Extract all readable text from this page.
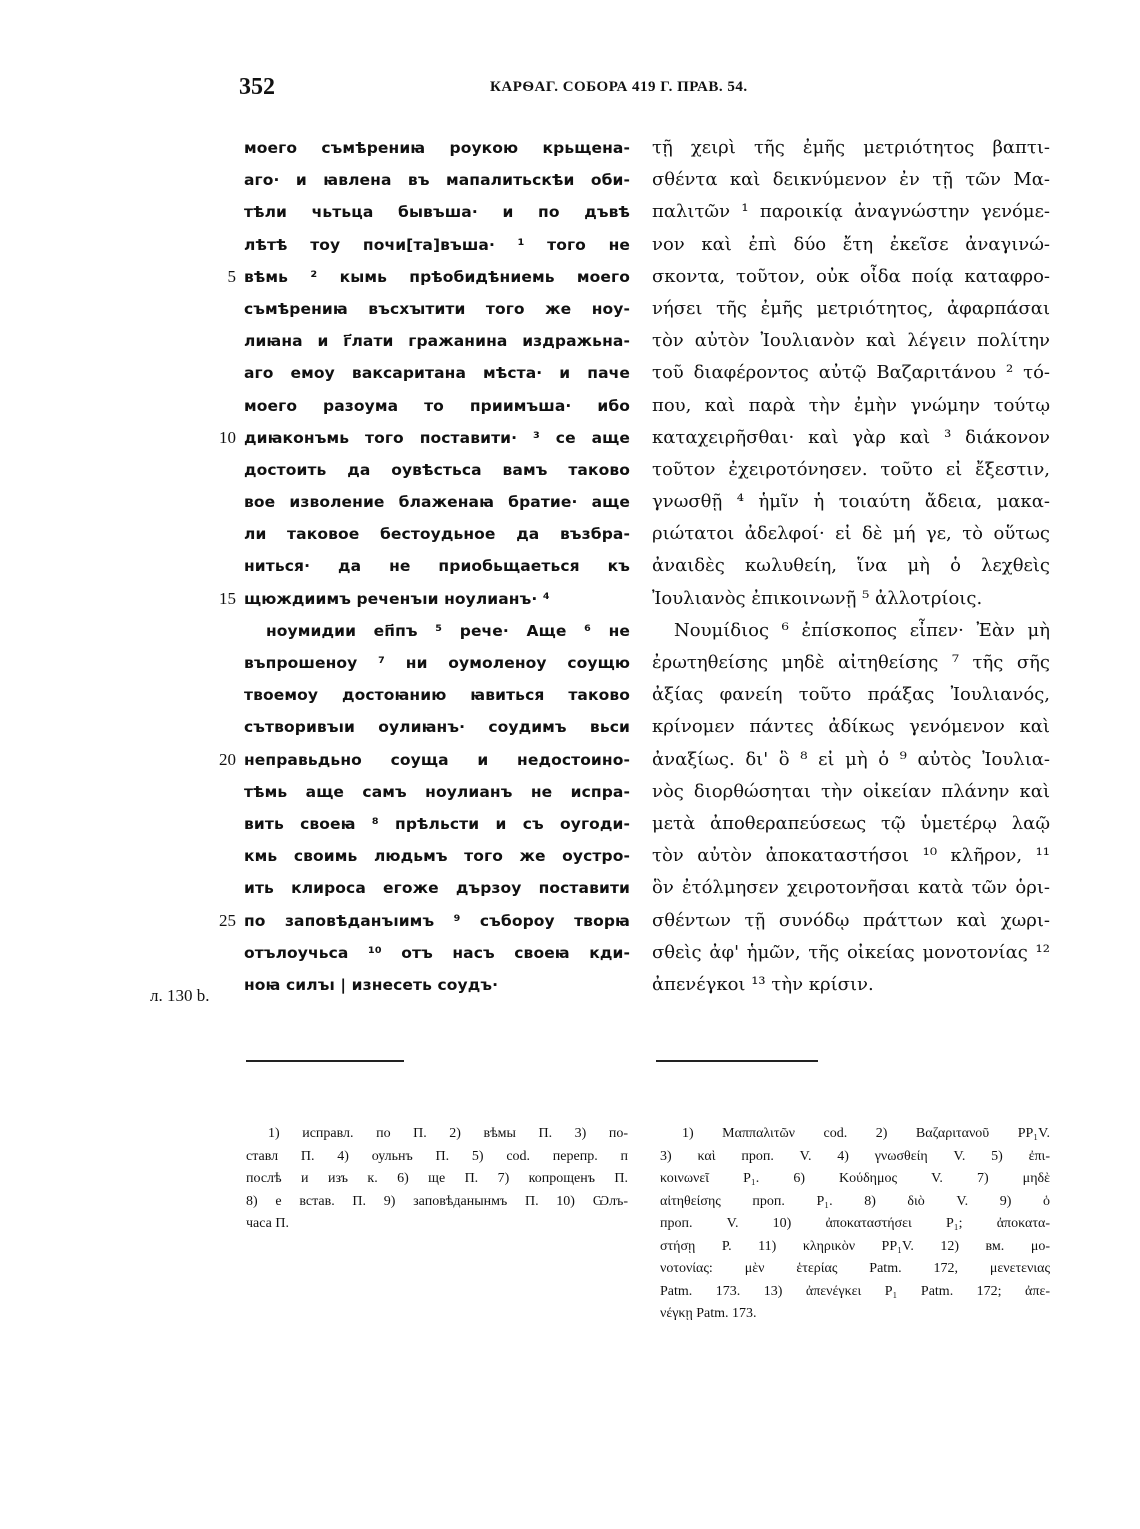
352	КАРѲАГ. СОБОРА 419 Г. ПРАВ. 54.
моего съмѣрениꙗ роукою крьщена-
аго· и ꙗвлена въ мапалитьскѣи оби-
тѣли чьтьца бывъша· и по дъвѣ
лѣтѣ тоу почи[та]въша· ¹ того не
вѣмь ² кымь прѣобидѣниемь моего
5
съмѣрениꙗ въсхꙑтити того же ноу-
лиꙗна и г҃лати гражанина издражьна-
аго емоу ваксаритана мѣста· и паче
моего разоума то приимъша· ибо
диꙗконъмь того поставити· ³ се аще
10
достоить да оувѣстьса вамъ таково
вое изволение блаженаꙗ братие· аще
ли таковое бестоудьное да възбра-
ниться· да не приобьщаеться къ
щюждиимъ реченъıи ноулианъ· ⁴
15
ноумидии еп҃пъ ⁵ рече· Аще ⁶ не
въпрошеноу ⁷ ни оумоленоу соущю
твоемоу достоꙗнию ꙗвиться таково
сътворивъıи оулиꙗнъ· соудимъ вьси
неправьдьно соуща и недостоино-
20
тѣмь аще самъ ноулианъ не испра-
вить своеꙗ ⁸ прѣльсти и съ оугоди-
кмь своимь людьмъ того же оустро-
ить клироса егоже дързоу поставити
по заповѣданъıимъ ⁹ събороу творꙗ
25
отълоучьса ¹⁰ отъ насъ своеꙗ кди-
ноꙗ силъı | изнесеть соудъ·
τῇ χειρὶ τῆς ἐμῆς μετριότητος βαπτι-
σθέντα καὶ δεικνύμενον ἐν τῇ τῶν Μα-
παλιτῶν ¹ παροικίᾳ ἀναγνώστην γενόμε-
νον καὶ ἐπὶ δύο ἔτη ἐκεῖσε ἀναγινώ-
σκοντα, τοῦτον, οὐκ οἶδα ποίᾳ καταφρο-
νήσει τῆς ἐμῆς μετριότητος, ἀφαρπάσαι
τὸν αὐτὸν Ἰουλιανὸν καὶ λέγειν πολίτην
τοῦ διαφέροντος αὐτῷ Βαζαριτάνου ² τό-
που, καὶ παρὰ τὴν ἐμὴν γνώμην τούτῳ
καταχειρῆσθαι· καὶ γὰρ καὶ ³ διάκονον
τοῦτον ἐχειροτόνησεν. τοῦτο εἰ ἔξεστιν,
γνωσθῇ ⁴ ἡμῖν ἡ τοιαύτη ἄδεια, μακα-
ριώτατοι ἀδελφοί· εἰ δὲ μή γε, τὸ οὕτως
ἀναιδὲς κωλυθείη, ἵνα μὴ ὁ λεχθεὶς
Ἰουλιανὸς ἐπικοινωνῇ ⁵ ἀλλοτρίοις.
Νουμίδιος ⁶ ἐπίσκοπος εἶπεν· Ἐὰν μὴ
ἐρωτηθείσης μηδὲ αἰτηθείσης ⁷ τῆς σῆς
ἀξίας φανείη τοῦτο πράξας Ἰουλιανός,
κρίνομεν πάντες ἀδίκως γενόμενον καὶ
ἀναξίως. δι' ὃ ⁸ εἰ μὴ ὁ ⁹ αὐτὸς Ἰουλια-
νὸς διορθώσηται τὴν οἰκείαν πλάνην καὶ
μετὰ ἀποθεραπεύσεως τῷ ὑμετέρῳ λαῷ
τὸν αὐτὸν ἀποκαταστήσοι ¹⁰ κλῆρον, ¹¹
ὃν ἐτόλμησεν χειροτονῆσαι κατὰ τῶν ὁρι-
σθέντων τῇ συνόδῳ πράττων καὶ χωρι-
σθεὶς ἀφ' ἡμῶν, τῆς οἰκείας μονοτονίας ¹²
ἀπενέγκοι ¹³ τὴν κρίσιν.
л. 130 b.
1) исправл. по П. 2) вѣмы П. 3) по-
ставл П. 4) оульнъ П. 5) cod. перепр. п
послѣ и изъ к. 6) ще П. 7) копрощенъ П.
8) е встав. П. 9) заповѣданынмъ П. 10) Ѡлъ-
часа П.
1) Μαππαλιτῶν cod. 2) Βαζαριτανοῦ PP₁V.
3) καὶ проп. V. 4) γνωσθείη V. 5) ἐπι-
κοινωνεῖ P₁. 6) Κούδημος V. 7) μηδὲ
αἰτηθείσης проп. P₁. 8) διὸ V. 9) ὁ
проп. V. 10) ἀποκαταστήσει P₁; ἀποκατα-
στήσῃ P. 11) κληρικὸν PP₁V. 12) вм. μο-
νοτονίας: μὲν ἑτερίας Patm. 172, μενετενιας
Patm. 173. 13) ἀπενέγκει P₁ Patm. 172; ἀπε-
νέγκῃ Patm. 173.
